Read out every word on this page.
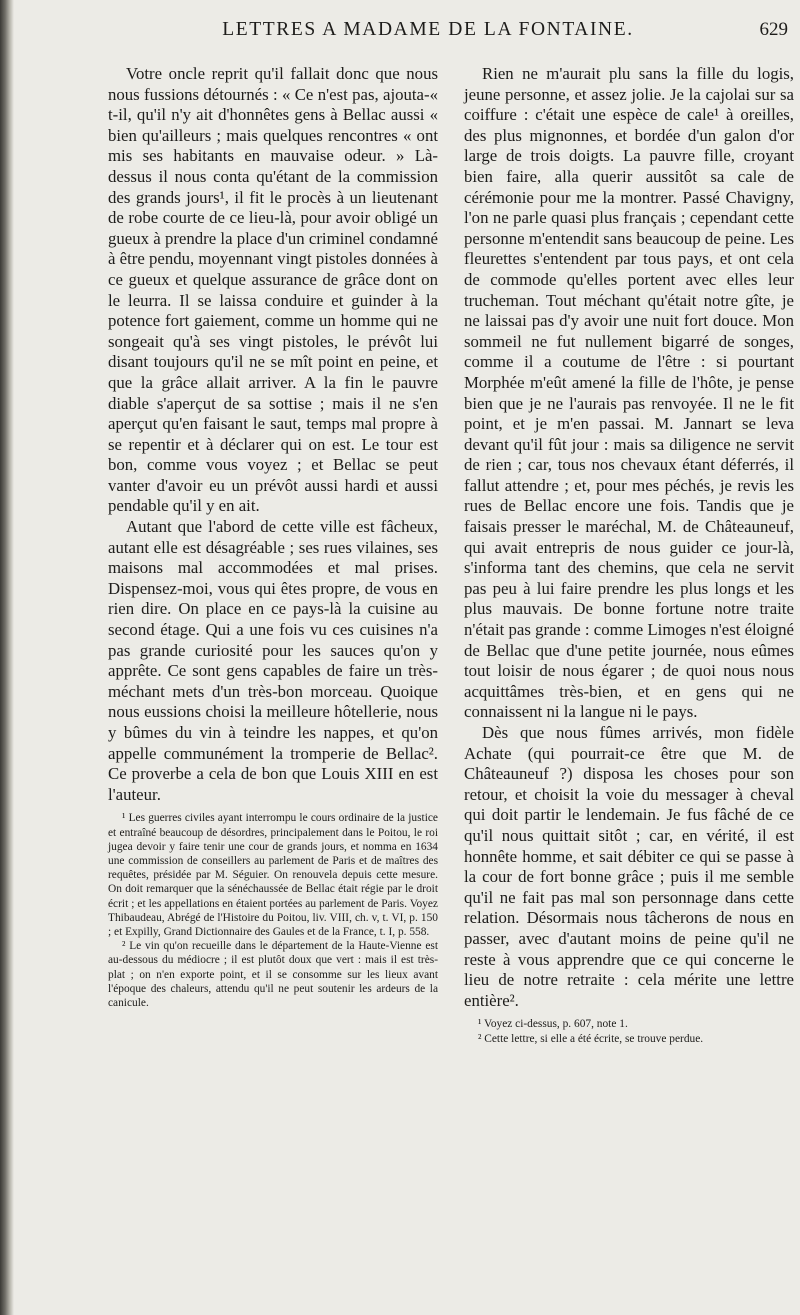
LETTRES A MADAME DE LA FONTAINE.	629

Votre oncle reprit qu'il fallait donc que nous nous fussions détournés : « Ce n'est pas, ajouta-« t-il, qu'il n'y ait d'honnêtes gens à Bellac aussi « bien qu'ailleurs ; mais quelques rencontres « ont mis ses habitants en mauvaise odeur. » Là-dessus il nous conta qu'étant de la commission des grands jours¹, il fit le procès à un lieutenant de robe courte de ce lieu-là, pour avoir obligé un gueux à prendre la place d'un criminel condamné à être pendu, moyennant vingt pistoles données à ce gueux et quelque assurance de grâce dont on le leurra. Il se laissa conduire et guinder à la potence fort gaiement, comme un homme qui ne songeait qu'à ses vingt pistoles, le prévôt lui disant toujours qu'il ne se mît point en peine, et que la grâce allait arriver. A la fin le pauvre diable s'aperçut de sa sottise ; mais il ne s'en aperçut qu'en faisant le saut, temps mal propre à se repentir et à déclarer qui on est. Le tour est bon, comme vous voyez ; et Bellac se peut vanter d'avoir eu un prévôt aussi hardi et aussi pendable qu'il y en ait.

Autant que l'abord de cette ville est fâcheux, autant elle est désagréable ; ses rues vilaines, ses maisons mal accommodées et mal prises. Dispensez-moi, vous qui êtes propre, de vous en rien dire. On place en ce pays-là la cuisine au second étage. Qui a une fois vu ces cuisines n'a pas grande curiosité pour les sauces qu'on y apprête. Ce sont gens capables de faire un très-méchant mets d'un très-bon morceau. Quoique nous eussions choisi la meilleure hôtellerie, nous y bûmes du vin à teindre les nappes, et qu'on appelle communément la tromperie de Bellac². Ce proverbe a cela de bon que Louis XIII en est l'auteur.

¹ Les guerres civiles ayant interrompu le cours ordinaire de la justice et entraîné beaucoup de désordres, principalement dans le Poitou, le roi jugea devoir y faire tenir une cour de grands jours, et nomma en 1634 une commission de conseillers au parlement de Paris et de maîtres des requêtes, présidée par M. Séguier. On renouvela depuis cette mesure. On doit remarquer que la sénéchaussée de Bellac était régie par le droit écrit ; et les appellations en étaient portées au parlement de Paris. Voyez Thibaudeau, Abrégé de l'Histoire du Poitou, liv. VIII, ch. v, t. VI, p. 150 ; et Expilly, Grand Dictionnaire des Gaules et de la France, t. I, p. 558.

² Le vin qu'on recueille dans le département de la Haute-Vienne est au-dessous du médiocre ; il est plutôt doux que vert : mais il est très-plat ; on n'en exporte point, et il se consomme sur les lieux avant l'époque des chaleurs, attendu qu'il ne peut soutenir les ardeurs de la canicule.

Rien ne m'aurait plu sans la fille du logis, jeune personne, et assez jolie. Je la cajolai sur sa coiffure : c'était une espèce de cale¹ à oreilles, des plus mignonnes, et bordée d'un galon d'or large de trois doigts. La pauvre fille, croyant bien faire, alla querir aussitôt sa cale de cérémonie pour me la montrer. Passé Chavigny, l'on ne parle quasi plus français ; cependant cette personne m'entendit sans beaucoup de peine. Les fleurettes s'entendent par tous pays, et ont cela de commode qu'elles portent avec elles leur trucheman. Tout méchant qu'était notre gîte, je ne laissai pas d'y avoir une nuit fort douce. Mon sommeil ne fut nullement bigarré de songes, comme il a coutume de l'être : si pourtant Morphée m'eût amené la fille de l'hôte, je pense bien que je ne l'aurais pas renvoyée. Il ne le fit point, et je m'en passai. M. Jannart se leva devant qu'il fût jour : mais sa diligence ne servit de rien ; car, tous nos chevaux étant déferrés, il fallut attendre ; et, pour mes péchés, je revis les rues de Bellac encore une fois. Tandis que je faisais presser le maréchal, M. de Châteauneuf, qui avait entrepris de nous guider ce jour-là, s'informa tant des chemins, que cela ne servit pas peu à lui faire prendre les plus longs et les plus mauvais. De bonne fortune notre traite n'était pas grande : comme Limoges n'est éloigné de Bellac que d'une petite journée, nous eûmes tout loisir de nous égarer ; de quoi nous nous acquittâmes très-bien, et en gens qui ne connaissent ni la langue ni le pays.

Dès que nous fûmes arrivés, mon fidèle Achate (qui pourrait-ce être que M. de Châteauneuf ?) disposa les choses pour son retour, et choisit la voie du messager à cheval qui doit partir le lendemain. Je fus fâché de ce qu'il nous quittait sitôt ; car, en vérité, il est honnête homme, et sait débiter ce qui se passe à la cour de fort bonne grâce ; puis il me semble qu'il ne fait pas mal son personnage dans cette relation. Désormais nous tâcherons de nous en passer, avec d'autant moins de peine qu'il ne reste à vous apprendre que ce qui concerne le lieu de notre retraite : cela mérite une lettre entière².

¹ Voyez ci-dessus, p. 607, note 1.

² Cette lettre, si elle a été écrite, se trouve perdue.
